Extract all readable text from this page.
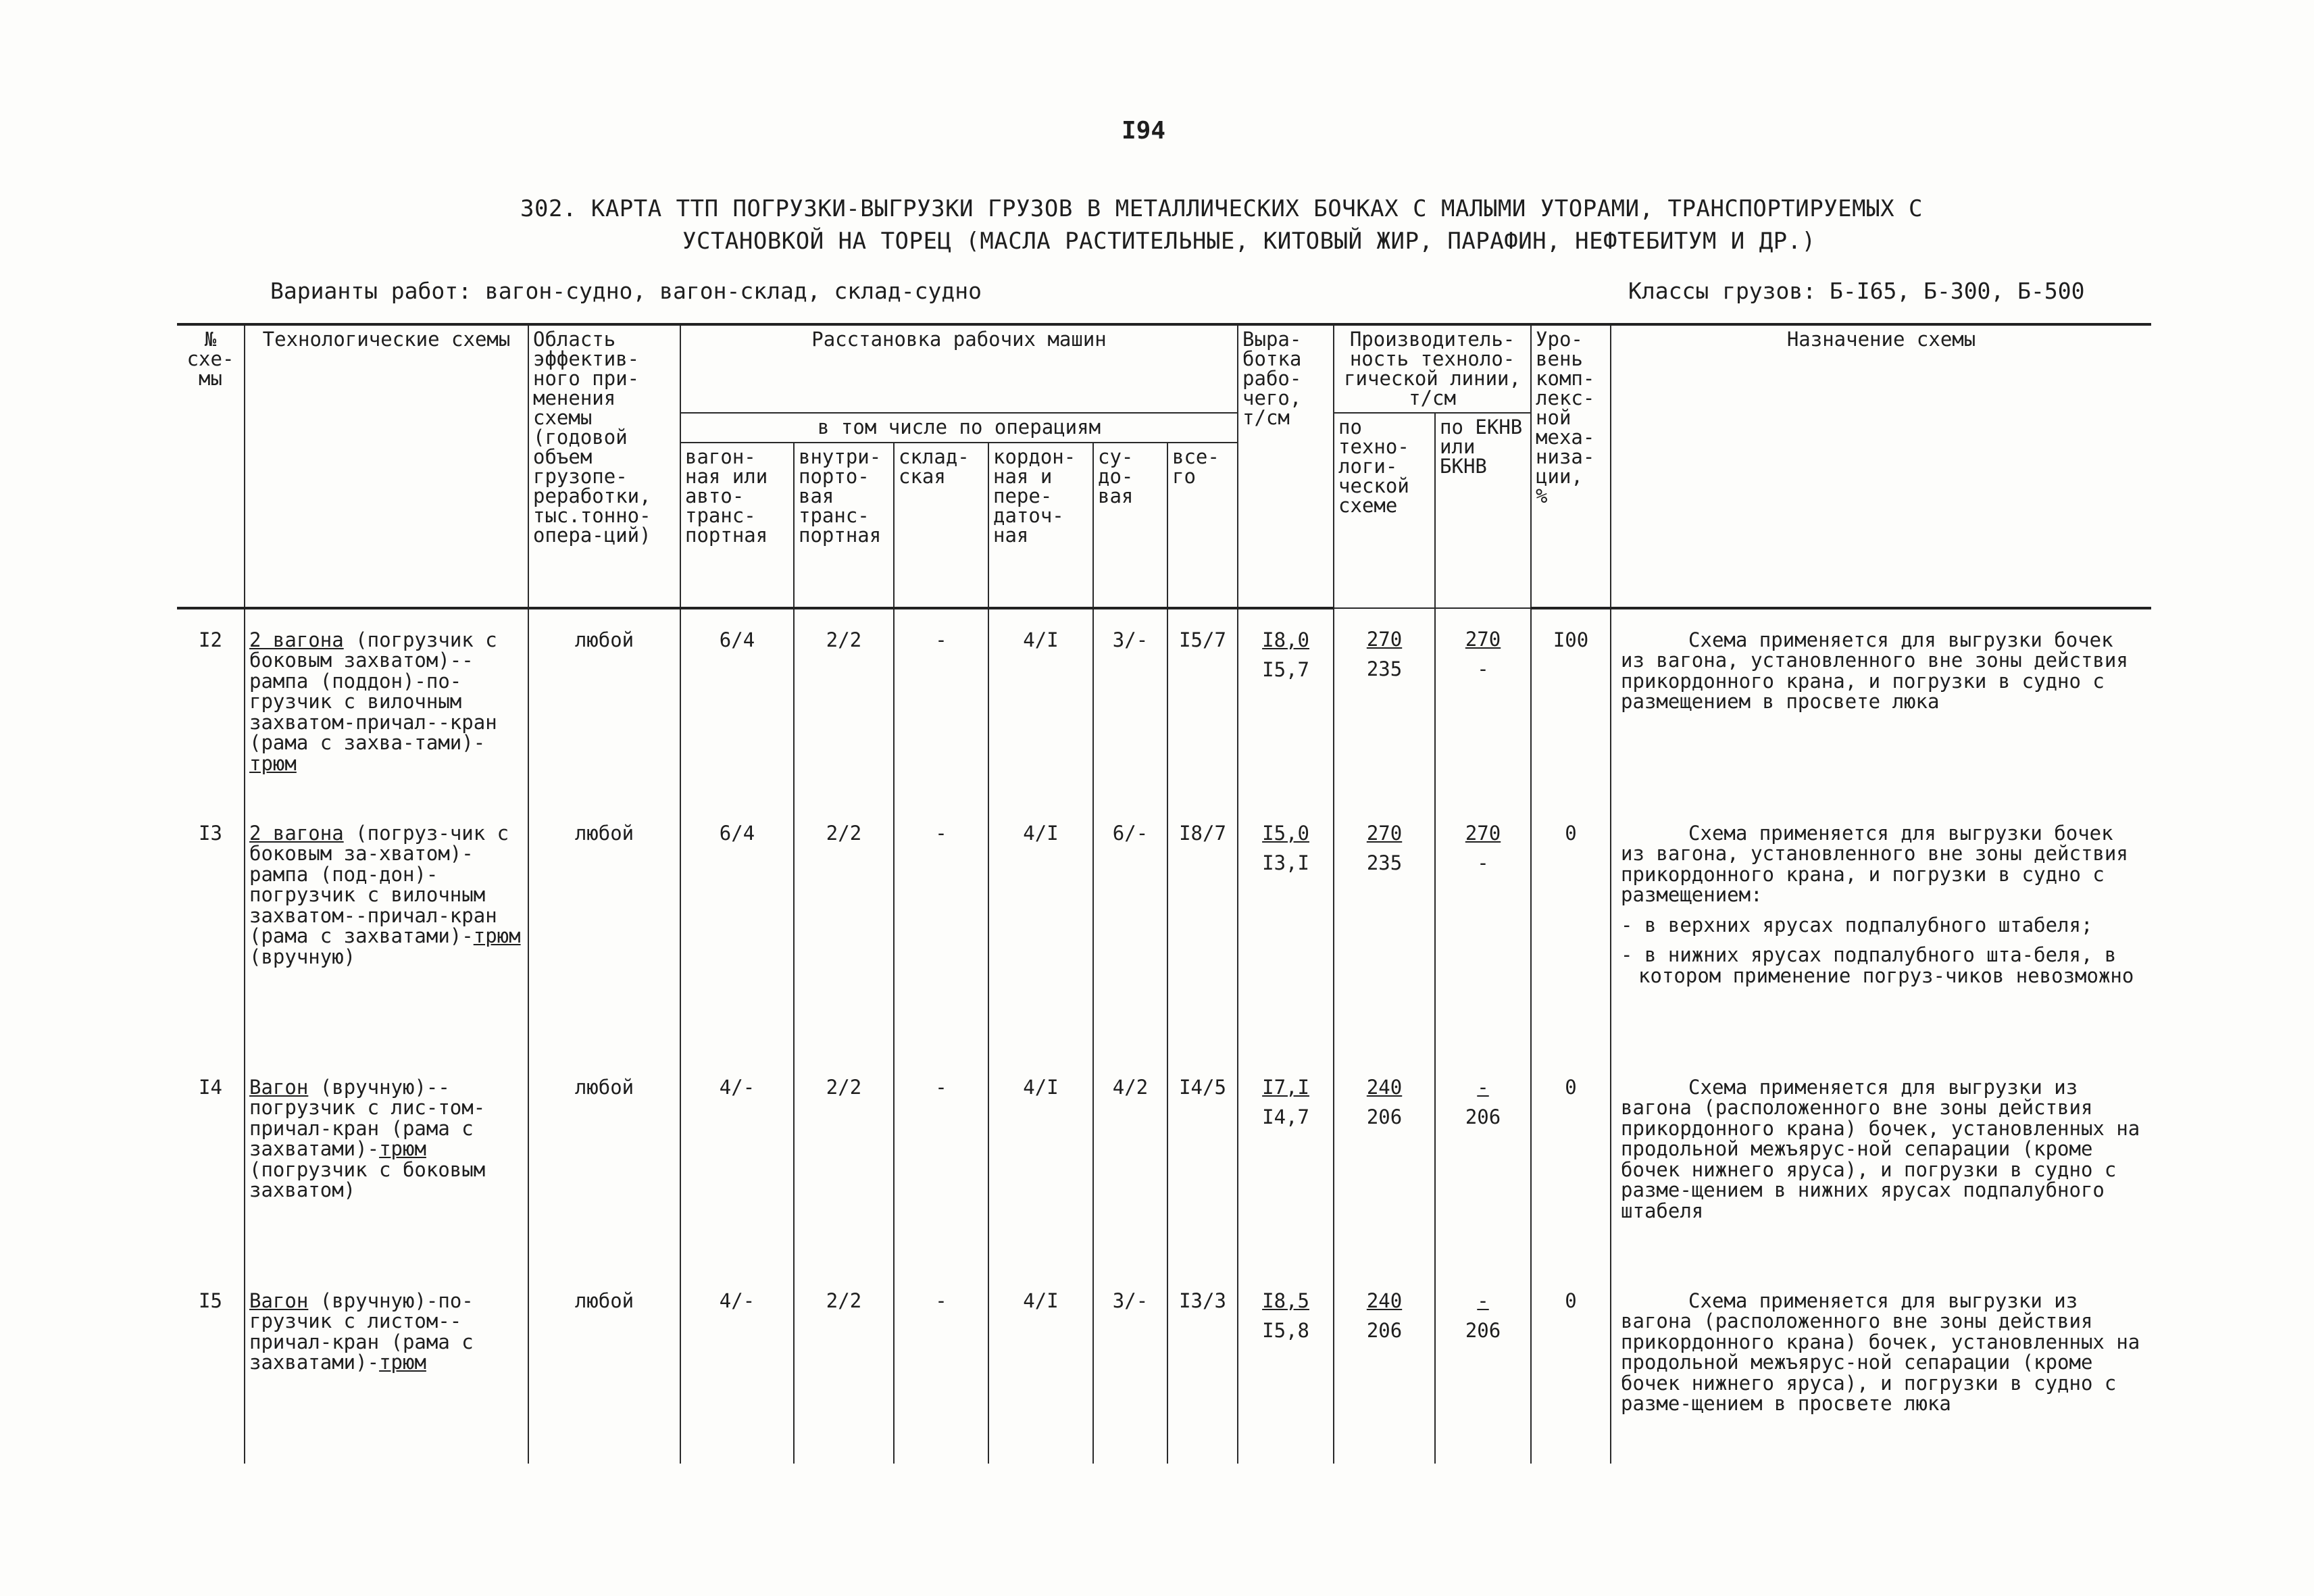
I94
302. КАРТА ТТП ПОГРУЗКИ-ВЫГРУЗКИ ГРУЗОВ В МЕТАЛЛИЧЕСКИХ БОЧКАХ С МАЛЫМИ УТОРАМИ, ТРАНСПОРТИРУЕМЫХ С
УСТАНОВКОЙ НА ТОРЕЦ (МАСЛА РАСТИТЕЛЬНЫЕ, КИТОВЫЙ ЖИР, ПАРАФИН, НЕФТЕБИТУМ И ДР.)
Варианты работ: вагон-судно, вагон-склад, склад-судно	Классы грузов: Б-I65, Б-300, Б-500
№ схе-мы	Технологические схемы	Область эффектив-ного при-менения схемы (годовой объем грузопе-реработки, тыс.тонно-опера-ций)	Расстановка рабочих машин						Выра-ботка рабо-чего, т/см	Производитель-ность техноло-гической линии, т/см		Уро-вень комп-лекс-ной меха-низа-ции, %	Назначение схемы
			в том числе по операциям							по техно-логи-ческой схеме	по ЕКНВ или БКНВ		
			вагон-ная или авто-транс-портная	внутри-порто-вая транс-портная	склад-ская	кордон-ная и пере-даточ-ная	су-до-вая	все-го					
I2	2 вагона (погрузчик с боковым захватом)--рампа (поддон)-по-грузчик с вилочным захватом-причал--кран (рама с захва-тами)-трюм	любой	6/4	2/2	-	4/I	3/-	I5/7	$\frac{I8,0}{I5,7}$	$\frac{270}{235}$	$\frac{270}{-}$	I00	Схема применяется для выгрузки бочек из вагона, установленного вне зоны действия прикордонного крана, и погрузки в судно с размещением в просвете люка

I3	2 вагона (погруз-чик с боковым за-хватом)-рампа (под-дон)-погрузчик с вилочным захватом--причал-кран (рама с захватами)-трюм (вручную)	любой	6/4	2/2	-	4/I	6/-	I8/7	$\frac{I5,0}{I3,I}$	$\frac{270}{235}$	$\frac{270}{-}$	0	Схема применяется для выгрузки бочек из вагона, установленного вне зоны действия прикордонного крана, и погрузки в судно с размещением:
- в верхних ярусах подпалубного штабеля;
- в нижних ярусах подпалубного шта-беля, в котором применение погруз-чиков невозможно

I4	Вагон (вручную)--погрузчик с лис-том-причал-кран (рама с захватами)-трюм (погрузчик с боковым захватом)	любой	4/-	2/2	-	4/I	4/2	I4/5	$\frac{I7,I}{I4,7}$	$\frac{240}{206}$	$\frac{-}{206}$	0	Схема применяется для выгрузки из вагона (расположенного вне зоны действия прикордонного крана) бочек, установленных на продольной межъярус-ной сепарации (кроме бочек нижнего яруса), и погрузки в судно с разме-щением в нижних ярусах подпалубного штабеля

I5	Вагон (вручную)-по-грузчик с листом--причал-кран (рама с захватами)-трюм	любой	4/-	2/2	-	4/I	3/-	I3/3	$\frac{I8,5}{I5,8}$	$\frac{240}{206}$	$\frac{-}{206}$	0	Схема применяется для выгрузки из вагона (расположенного вне зоны действия прикордонного крана) бочек, установленных на продольной межъярус-ной сепарации (кроме бочек нижнего яруса), и погрузки в судно с разме-щением в просвете люка
